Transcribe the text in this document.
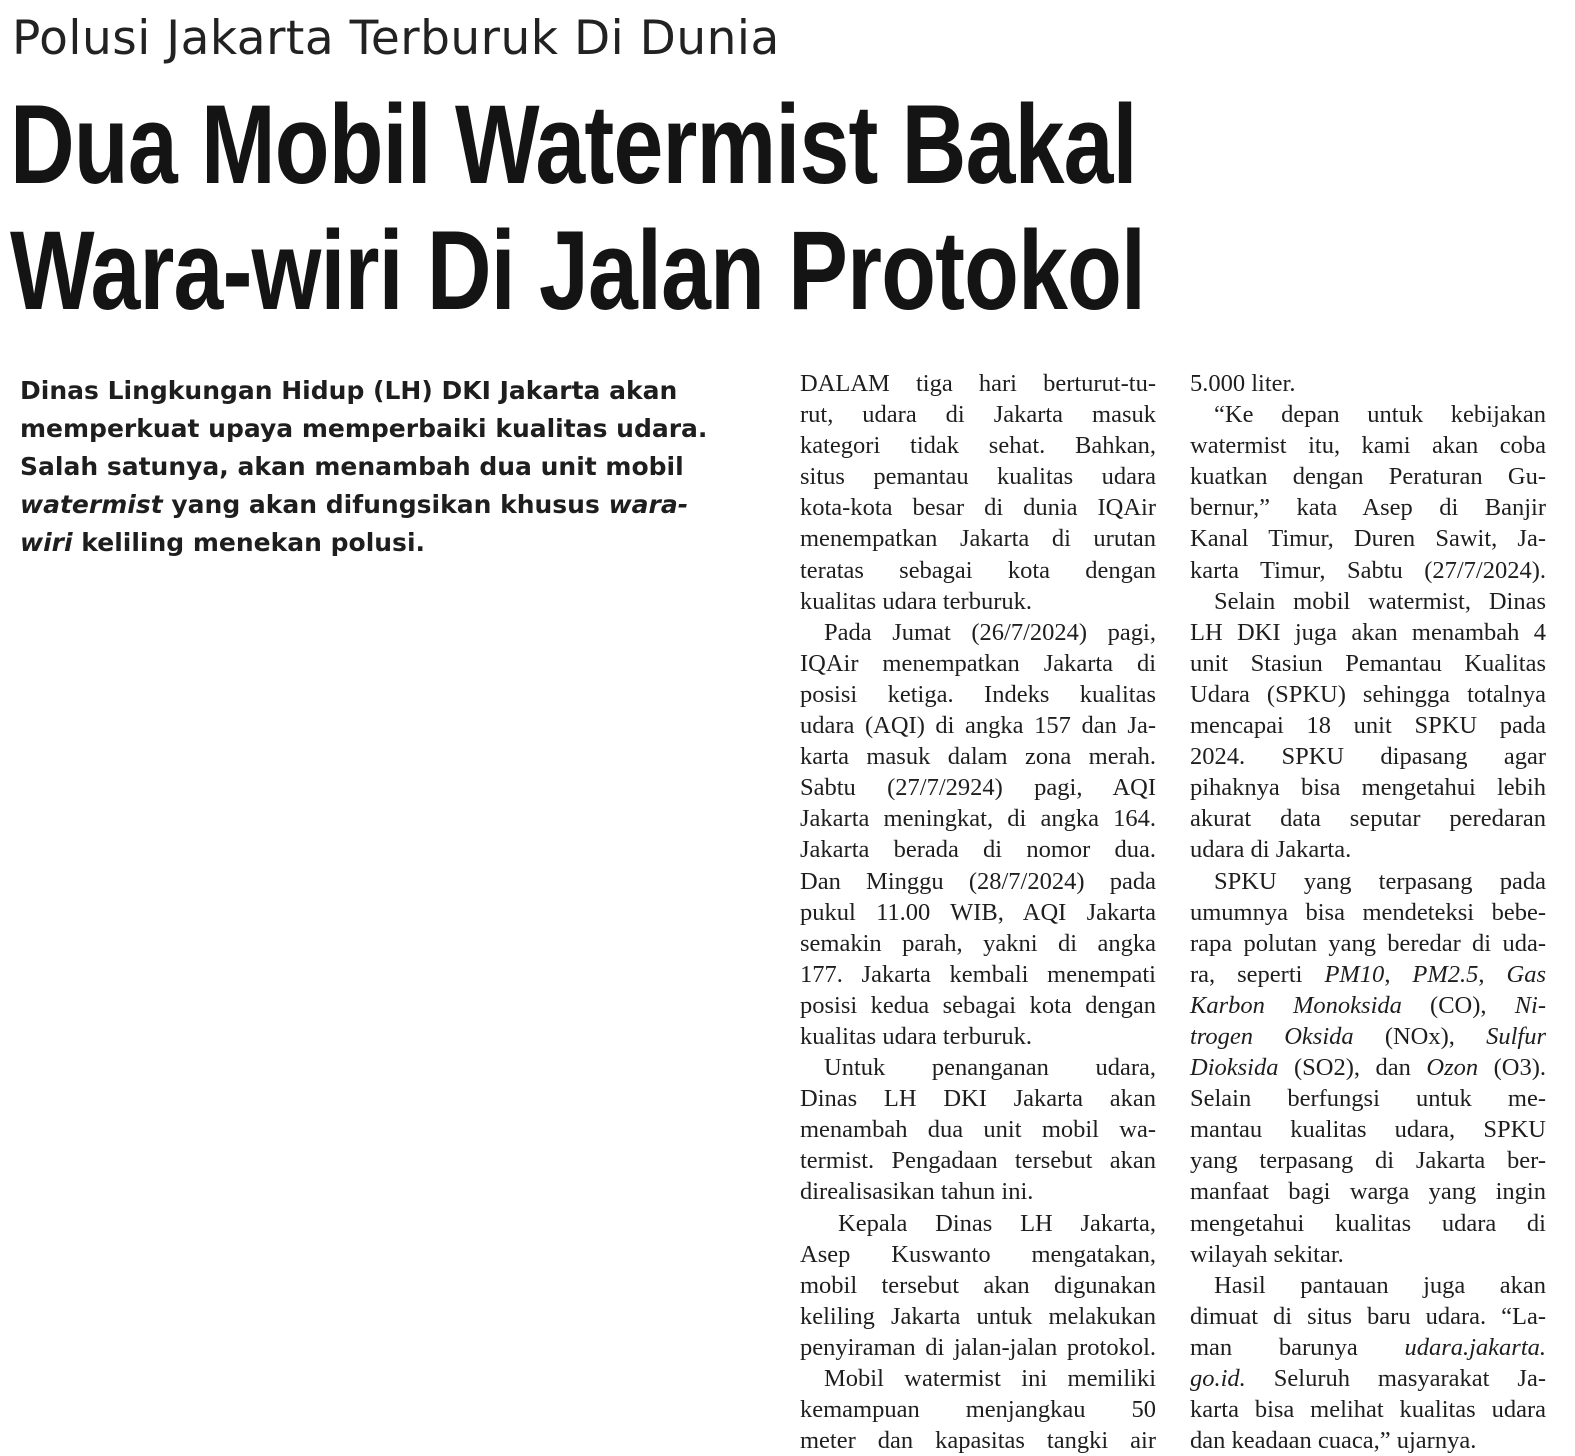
Polusi Jakarta Terburuk Di Dunia
Dua Mobil Watermist Bakal
Wara-wiri Di Jalan Protokol
Dinas Lingkungan Hidup (LH) DKI Jakarta akan
memperkuat upaya memperbaiki kualitas udara.
Salah satunya, akan menambah dua unit mobil
watermist yang akan difungsikan khusus wara-
wiri keliling menekan polusi.
DALAM tiga hari berturut-tu-
rut, udara di Jakarta masuk
kategori tidak sehat. Bahkan,
situs pemantau kualitas udara
kota-kota besar di dunia IQAir
menempatkan Jakarta di urutan
teratas sebagai kota dengan
kualitas udara terburuk.
Pada Jumat (26/7/2024) pagi,
IQAir menempatkan Jakarta di
posisi ketiga. Indeks kualitas
udara (AQI) di angka 157 dan Ja-
karta masuk dalam zona merah.
Sabtu (27/7/2924) pagi, AQI
Jakarta meningkat, di angka 164.
Jakarta berada di nomor dua.
Dan Minggu (28/7/2024) pada
pukul 11.00 WIB, AQI Jakarta
semakin parah, yakni di angka
177. Jakarta kembali menempati
posisi kedua sebagai kota dengan
kualitas udara terburuk.
Untuk penanganan udara,
Dinas LH DKI Jakarta akan
menambah dua unit mobil wa-
termist. Pengadaan tersebut akan
direalisasikan tahun ini.
Kepala Dinas LH Jakarta,
Asep Kuswanto mengatakan,
mobil tersebut akan digunakan
keliling Jakarta untuk melakukan
penyiraman di jalan-jalan protokol.
Mobil watermist ini memiliki
kemampuan menjangkau 50
meter dan kapasitas tangki air
5.000 liter.
“Ke depan untuk kebijakan
watermist itu, kami akan coba
kuatkan dengan Peraturan Gu-
bernur,” kata Asep di Banjir
Kanal Timur, Duren Sawit, Ja-
karta Timur, Sabtu (27/7/2024).
Selain mobil watermist, Dinas
LH DKI juga akan menambah 4
unit Stasiun Pemantau Kualitas
Udara (SPKU) sehingga totalnya
mencapai 18 unit SPKU pada
2024. SPKU dipasang agar
pihaknya bisa mengetahui lebih
akurat data seputar peredaran
udara di Jakarta.
SPKU yang terpasang pada
umumnya bisa mendeteksi bebe-
rapa polutan yang beredar di uda-
ra, seperti PM10, PM2.5, Gas
Karbon Monoksida (CO), Ni-
trogen Oksida (NOx), Sulfur
Dioksida (SO2), dan Ozon (O3).
Selain berfungsi untuk me-
mantau kualitas udara, SPKU
yang terpasang di Jakarta ber-
manfaat bagi warga yang ingin
mengetahui kualitas udara di
wilayah sekitar.
Hasil pantauan juga akan
dimuat di situs baru udara. “La-
man barunya udara.jakarta.
go.id. Seluruh masyarakat Ja-
karta bisa melihat kualitas udara
dan keadaan cuaca,” ujarnya.
